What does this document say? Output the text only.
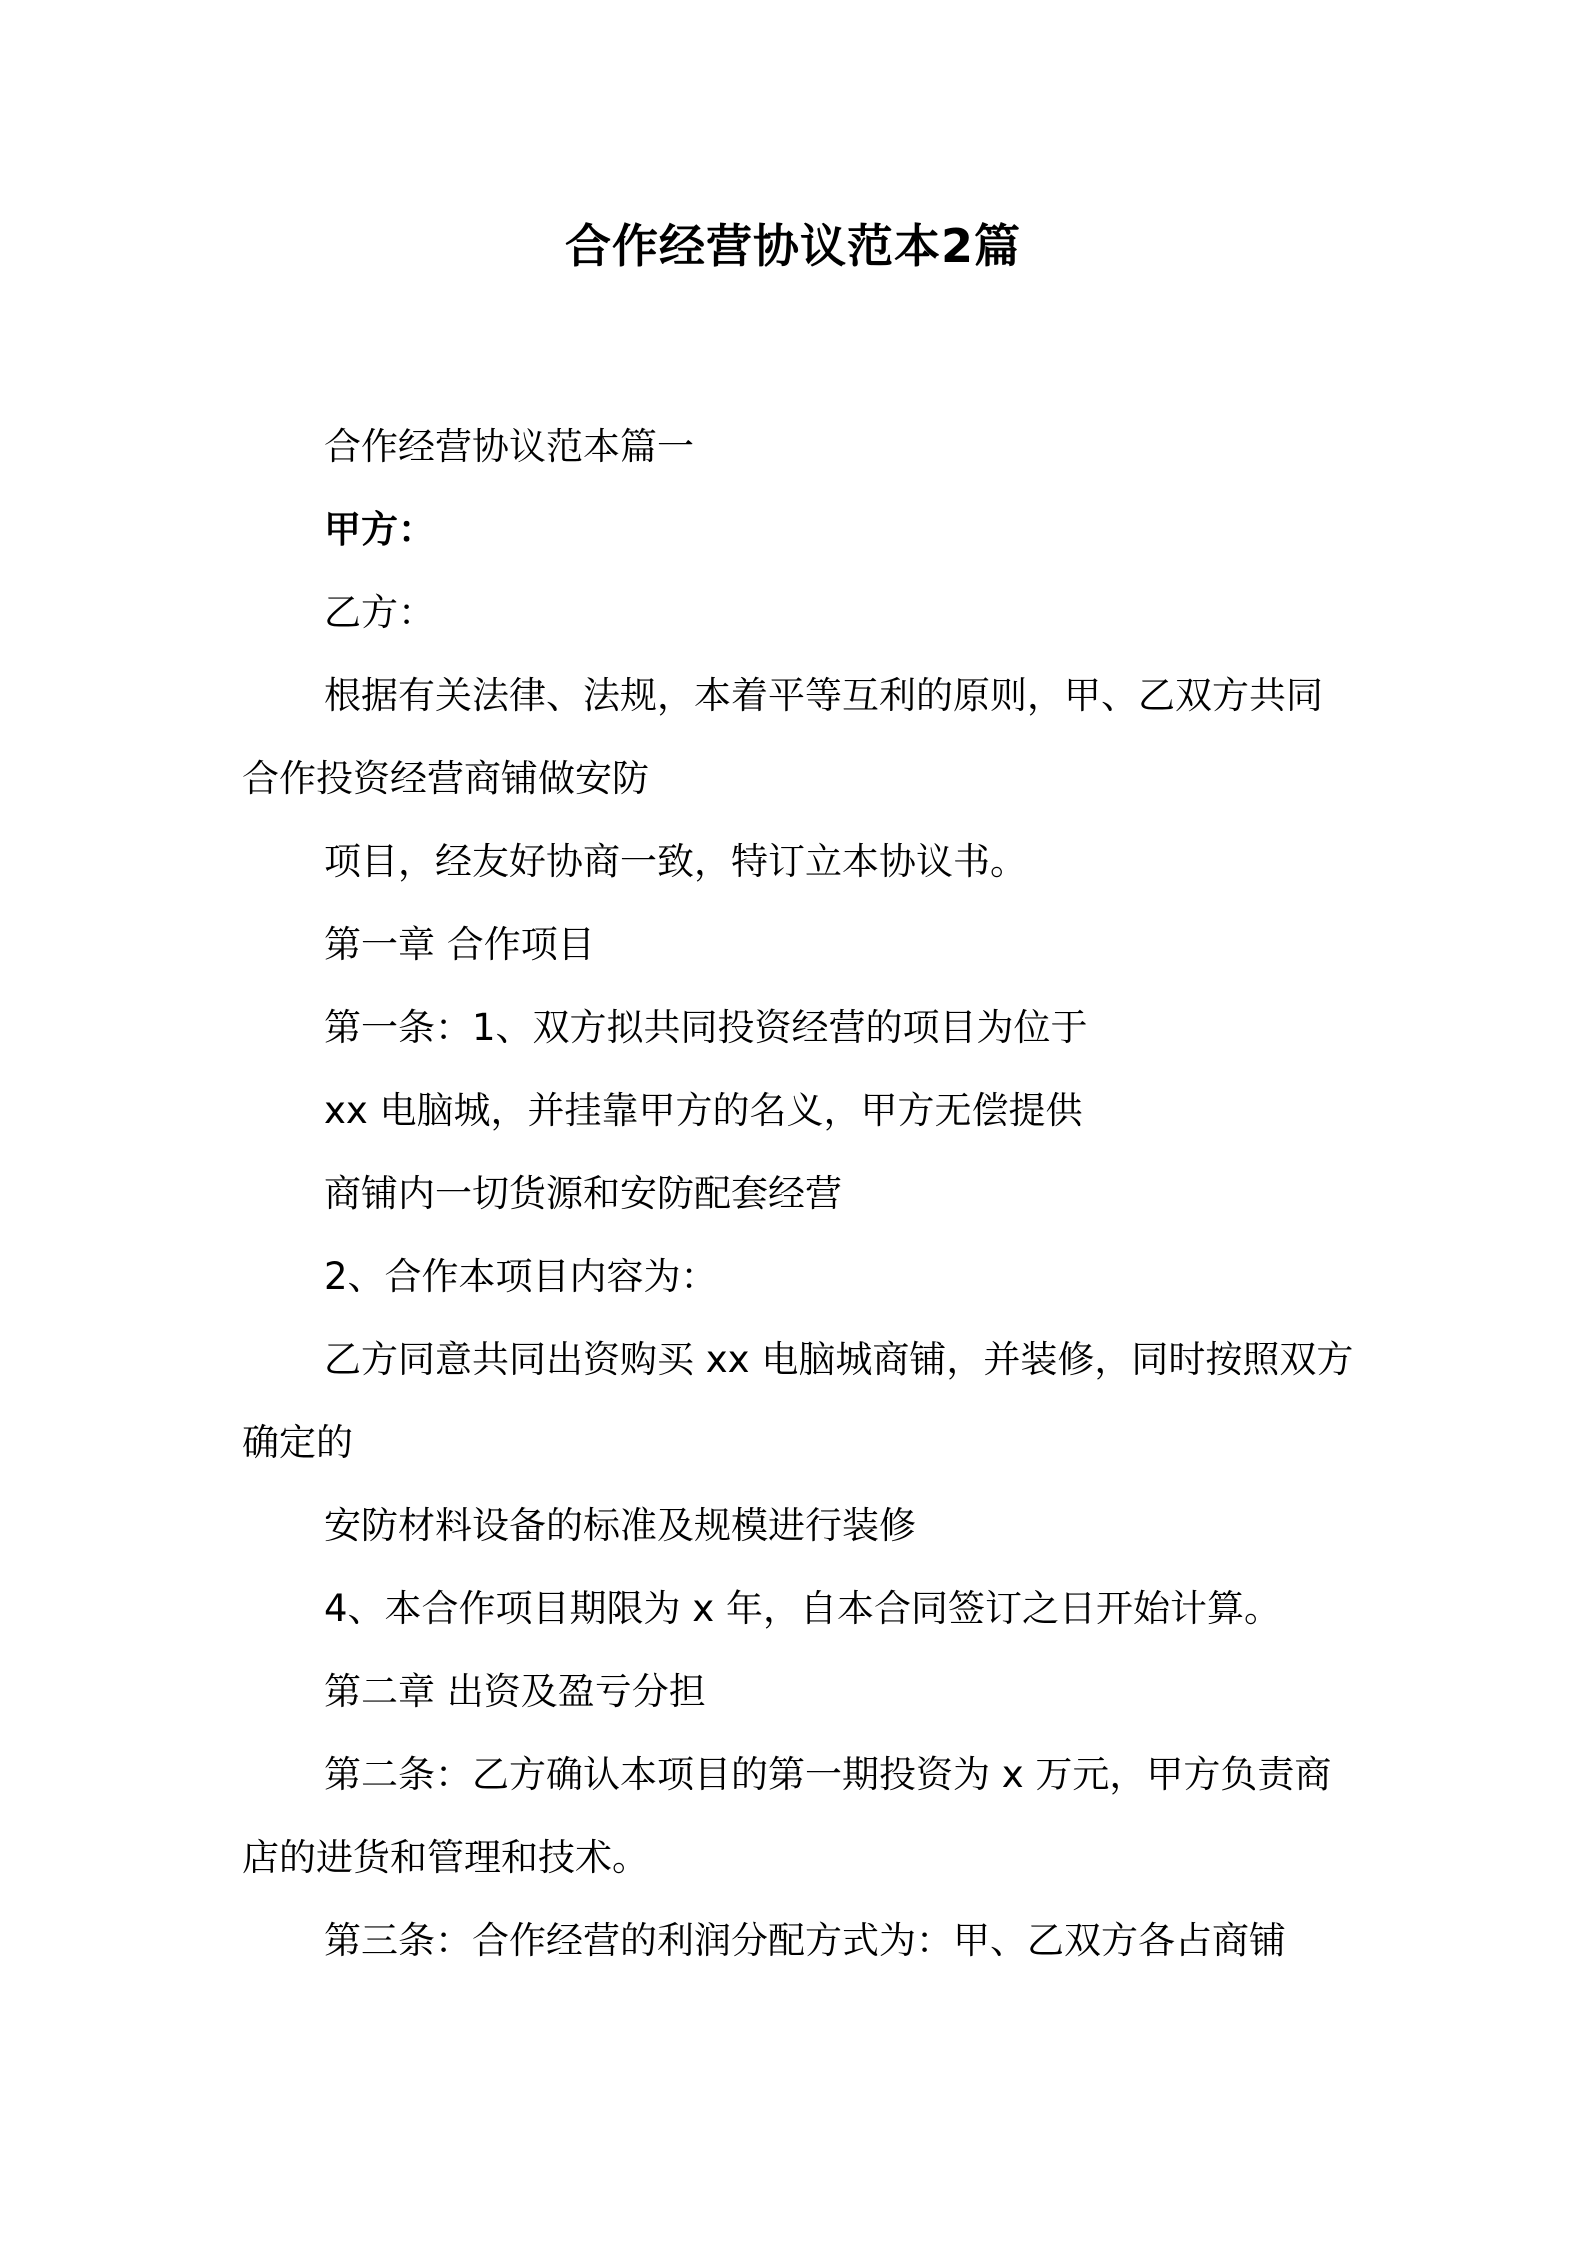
合作经营协议范本2篇

合作经营协议范本篇一

甲方：

乙方：

根据有关法律、法规，本着平等互利的原则，甲、乙双方共同合作投资经营商铺做安防

项目，经友好协商一致，特订立本协议书。

第一章 合作项目

第一条：1、双方拟共同投资经营的项目为位于

xx 电脑城，并挂靠甲方的名义，甲方无偿提供

商铺内一切货源和安防配套经营

2、合作本项目内容为：

乙方同意共同出资购买 xx 电脑城商铺，并装修，同时按照双方确定的

安防材料设备的标准及规模进行装修

4、本合作项目期限为 x 年，自本合同签订之日开始计算。

第二章 出资及盈亏分担

第二条：乙方确认本项目的第一期投资为 x 万元，甲方负责商店的进货和管理和技术。

第三条：合作经营的利润分配方式为：甲、乙双方各占商铺
